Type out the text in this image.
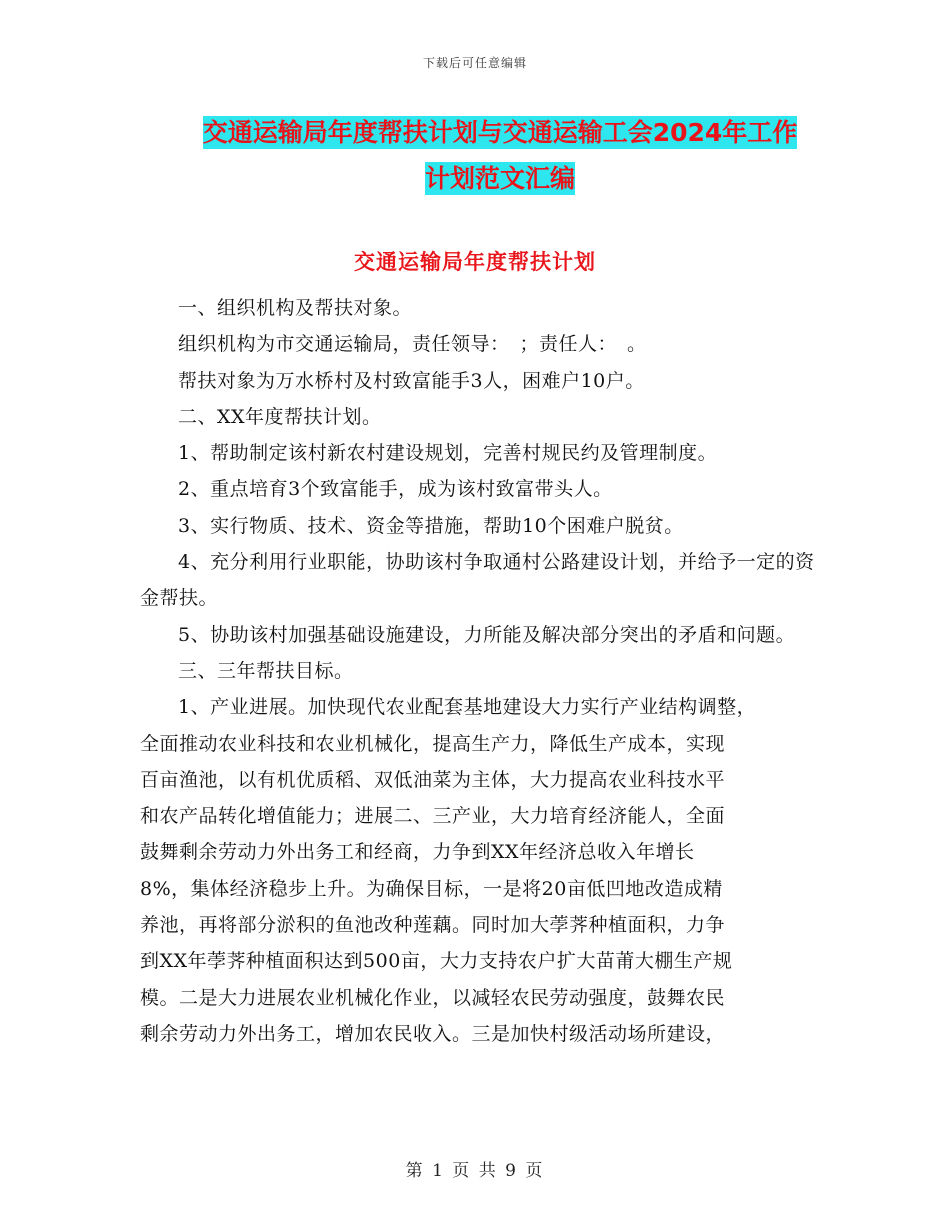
下载后可任意编辑
交通运输局年度帮扶计划与交通运输工会2024年工作
计划范文汇编
交通运输局年度帮扶计划

一、组织机构及帮扶对象。

组织机构为市交通运输局，责任领导：　；责任人：　。

帮扶对象为万水桥村及村致富能手3人，困难户10户。

二、XX年度帮扶计划。

1、帮助制定该村新农村建设规划，完善村规民约及管理制度。

2、重点培育3个致富能手，成为该村致富带头人。

3、实行物质、技术、资金等措施，帮助10个困难户脱贫。

4、充分利用行业职能，协助该村争取通村公路建设计划，并给予一定的资金帮扶。

5、协助该村加强基础设施建设，力所能及解决部分突出的矛盾和问题。

三、三年帮扶目标。

1、产业进展。加快现代农业配套基地建设大力实行产业结构调整，

全面推动农业科技和农业机械化，提高生产力，降低生产成本，实现

百亩渔池，以有机优质稻、双低油菜为主体，大力提高农业科技水平

和农产品转化增值能力；进展二、三产业，大力培育经济能人，全面

鼓舞剩余劳动力外出务工和经商，力争到XX年经济总收入年增长

8%，集体经济稳步上升。为确保目标，一是将20亩低凹地改造成精

养池，再将部分淤积的鱼池改种莲藕。同时加大荸荠种植面积，力争

到XX年荸荠种植面积达到500亩，大力支持农户扩大苗莆大棚生产规

模。二是大力进展农业机械化作业，以减轻农民劳动强度，鼓舞农民

剩余劳动力外出务工，增加农民收入。三是加快村级活动场所建设，

第 1 页 共 9 页
